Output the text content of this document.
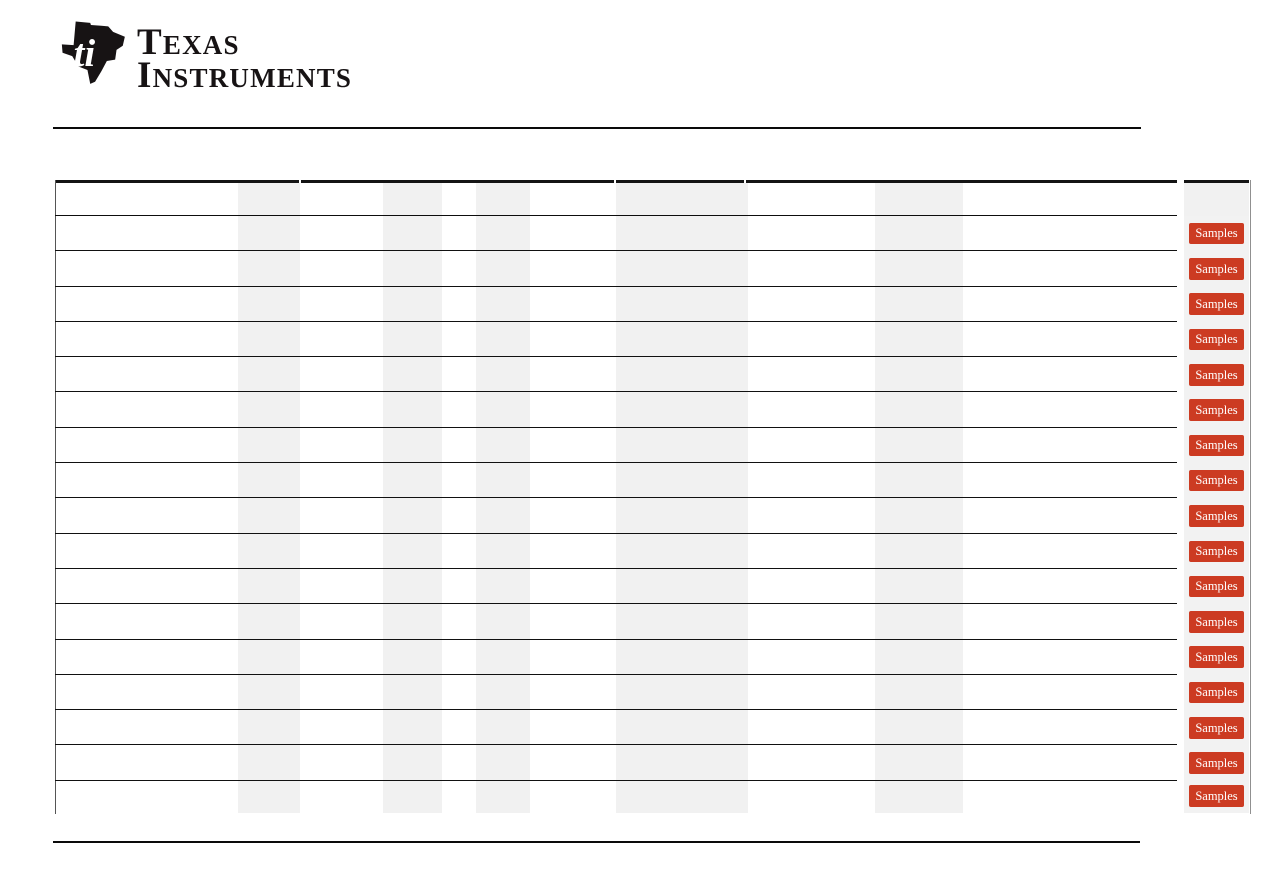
ti TEXAS
INSTRUMENTS
Samples
Samples
Samples
Samples
Samples
Samples
Samples
Samples
Samples
Samples
Samples
Samples
Samples
Samples
Samples
Samples
Samples
